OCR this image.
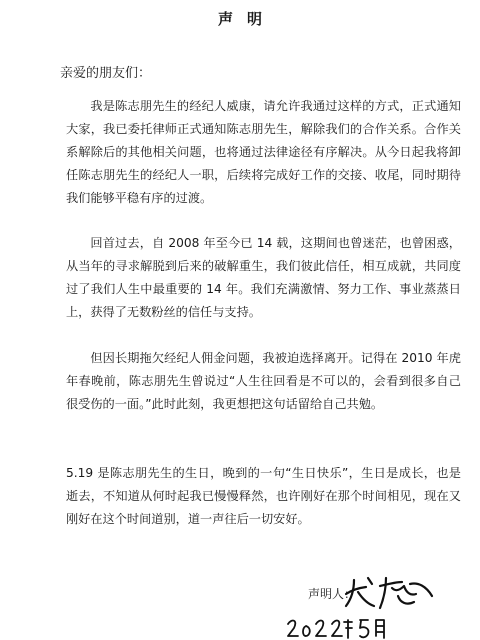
声明
亲爱的朋友们：

我是陈志朋先生的经纪人威康，请允许我通过这样的方式，正式通知大家，我已委托律师正式通知陈志朋先生，解除我们的合作关系。合作关系解除后的其他相关问题，也将通过法律途径有序解决。从今日起我将卸任陈志朋先生的经纪人一职，后续将完成好工作的交接、收尾，同时期待我们能够平稳有序的过渡。

回首过去，自 2008 年至今已 14 载，这期间也曾迷茫，也曾困惑，从当年的寻求解脱到后来的破解重生，我们彼此信任，相互成就，共同度过了我们人生中最重要的 14 年。我们充满激情、努力工作、事业蒸蒸日上，获得了无数粉丝的信任与支持。

但因长期拖欠经纪人佣金问题，我被迫选择离开。记得在 2010 年虎年春晚前，陈志朋先生曾说过“人生往回看是不可以的，会看到很多自己很受伤的一面。”此时此刻，我更想把这句话留给自己共勉。

5.19 是陈志朋先生的生日，晚到的一句“生日快乐”，生日是成长，也是逝去，不知道从何时起我已慢慢释然，也许刚好在那个时间相见，现在又刚好在这个时间道别，道一声往后一切安好。

声明人：
